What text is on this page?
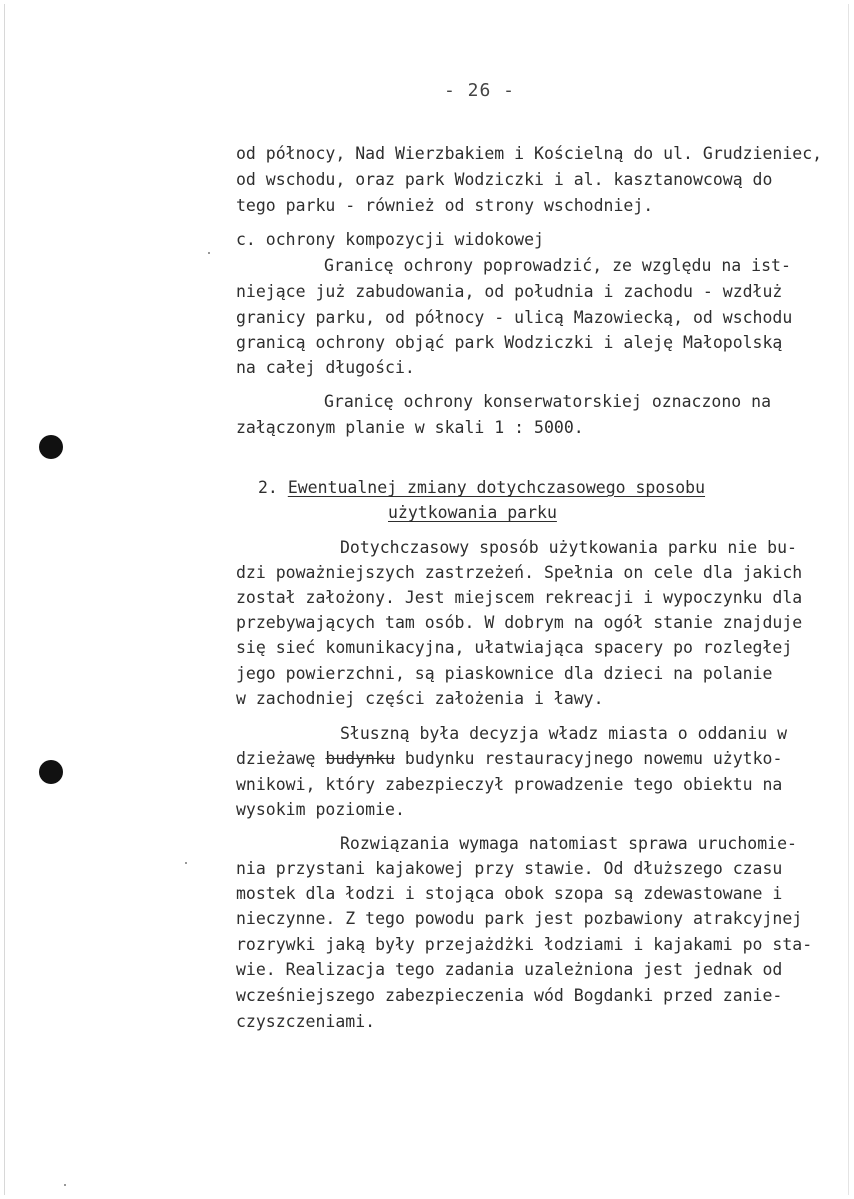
- 26 -
od północy, Nad Wierzbakiem i Kościelną do ul. Grudzieniec,
od wschodu, oraz park Wodziczki i al. kasztanowcową do
tego parku - również od strony wschodniej.
c. ochrony kompozycji widokowej
Granicę ochrony poprowadzić, ze względu na ist-
niejące już zabudowania, od południa i zachodu - wzdłuż
granicy parku, od północy - ulicą Mazowiecką, od wschodu
granicą ochrony objąć park Wodziczki i aleję Małopolską
na całej długości.
Granicę ochrony konserwatorskiej oznaczono na
załączonym planie w skali 1 : 5000.
2. Ewentualnej zmiany dotychczasowego sposobu
użytkowania parku
Dotychczasowy sposób użytkowania parku nie bu-
dzi poważniejszych zastrzeżeń. Spełnia on cele dla jakich
został założony. Jest miejscem rekreacji i wypoczynku dla
przebywających tam osób. W dobrym na ogół stanie znajduje
się sieć komunikacyjna, ułatwiająca spacery po rozległej
jego powierzchni, są piaskownice dla dzieci na polanie
w zachodniej części założenia i ławy.
Słuszną była decyzja władz miasta o oddaniu w
dzieżawę budynku budynku restauracyjnego nowemu użytko-
wnikowi, który zabezpieczył prowadzenie tego obiektu na
wysokim poziomie.
Rozwiązania wymaga natomiast sprawa uruchomie-
nia przystani kajakowej przy stawie. Od dłuższego czasu
mostek dla łodzi i stojąca obok szopa są zdewastowane i
nieczynne. Z tego powodu park jest pozbawiony atrakcyjnej
rozrywki jaką były przejażdżki łodziami i kajakami po sta-
wie. Realizacja tego zadania uzależniona jest jednak od
wcześniejszego zabezpieczenia wód Bogdanki przed zanie-
czyszczeniami.
